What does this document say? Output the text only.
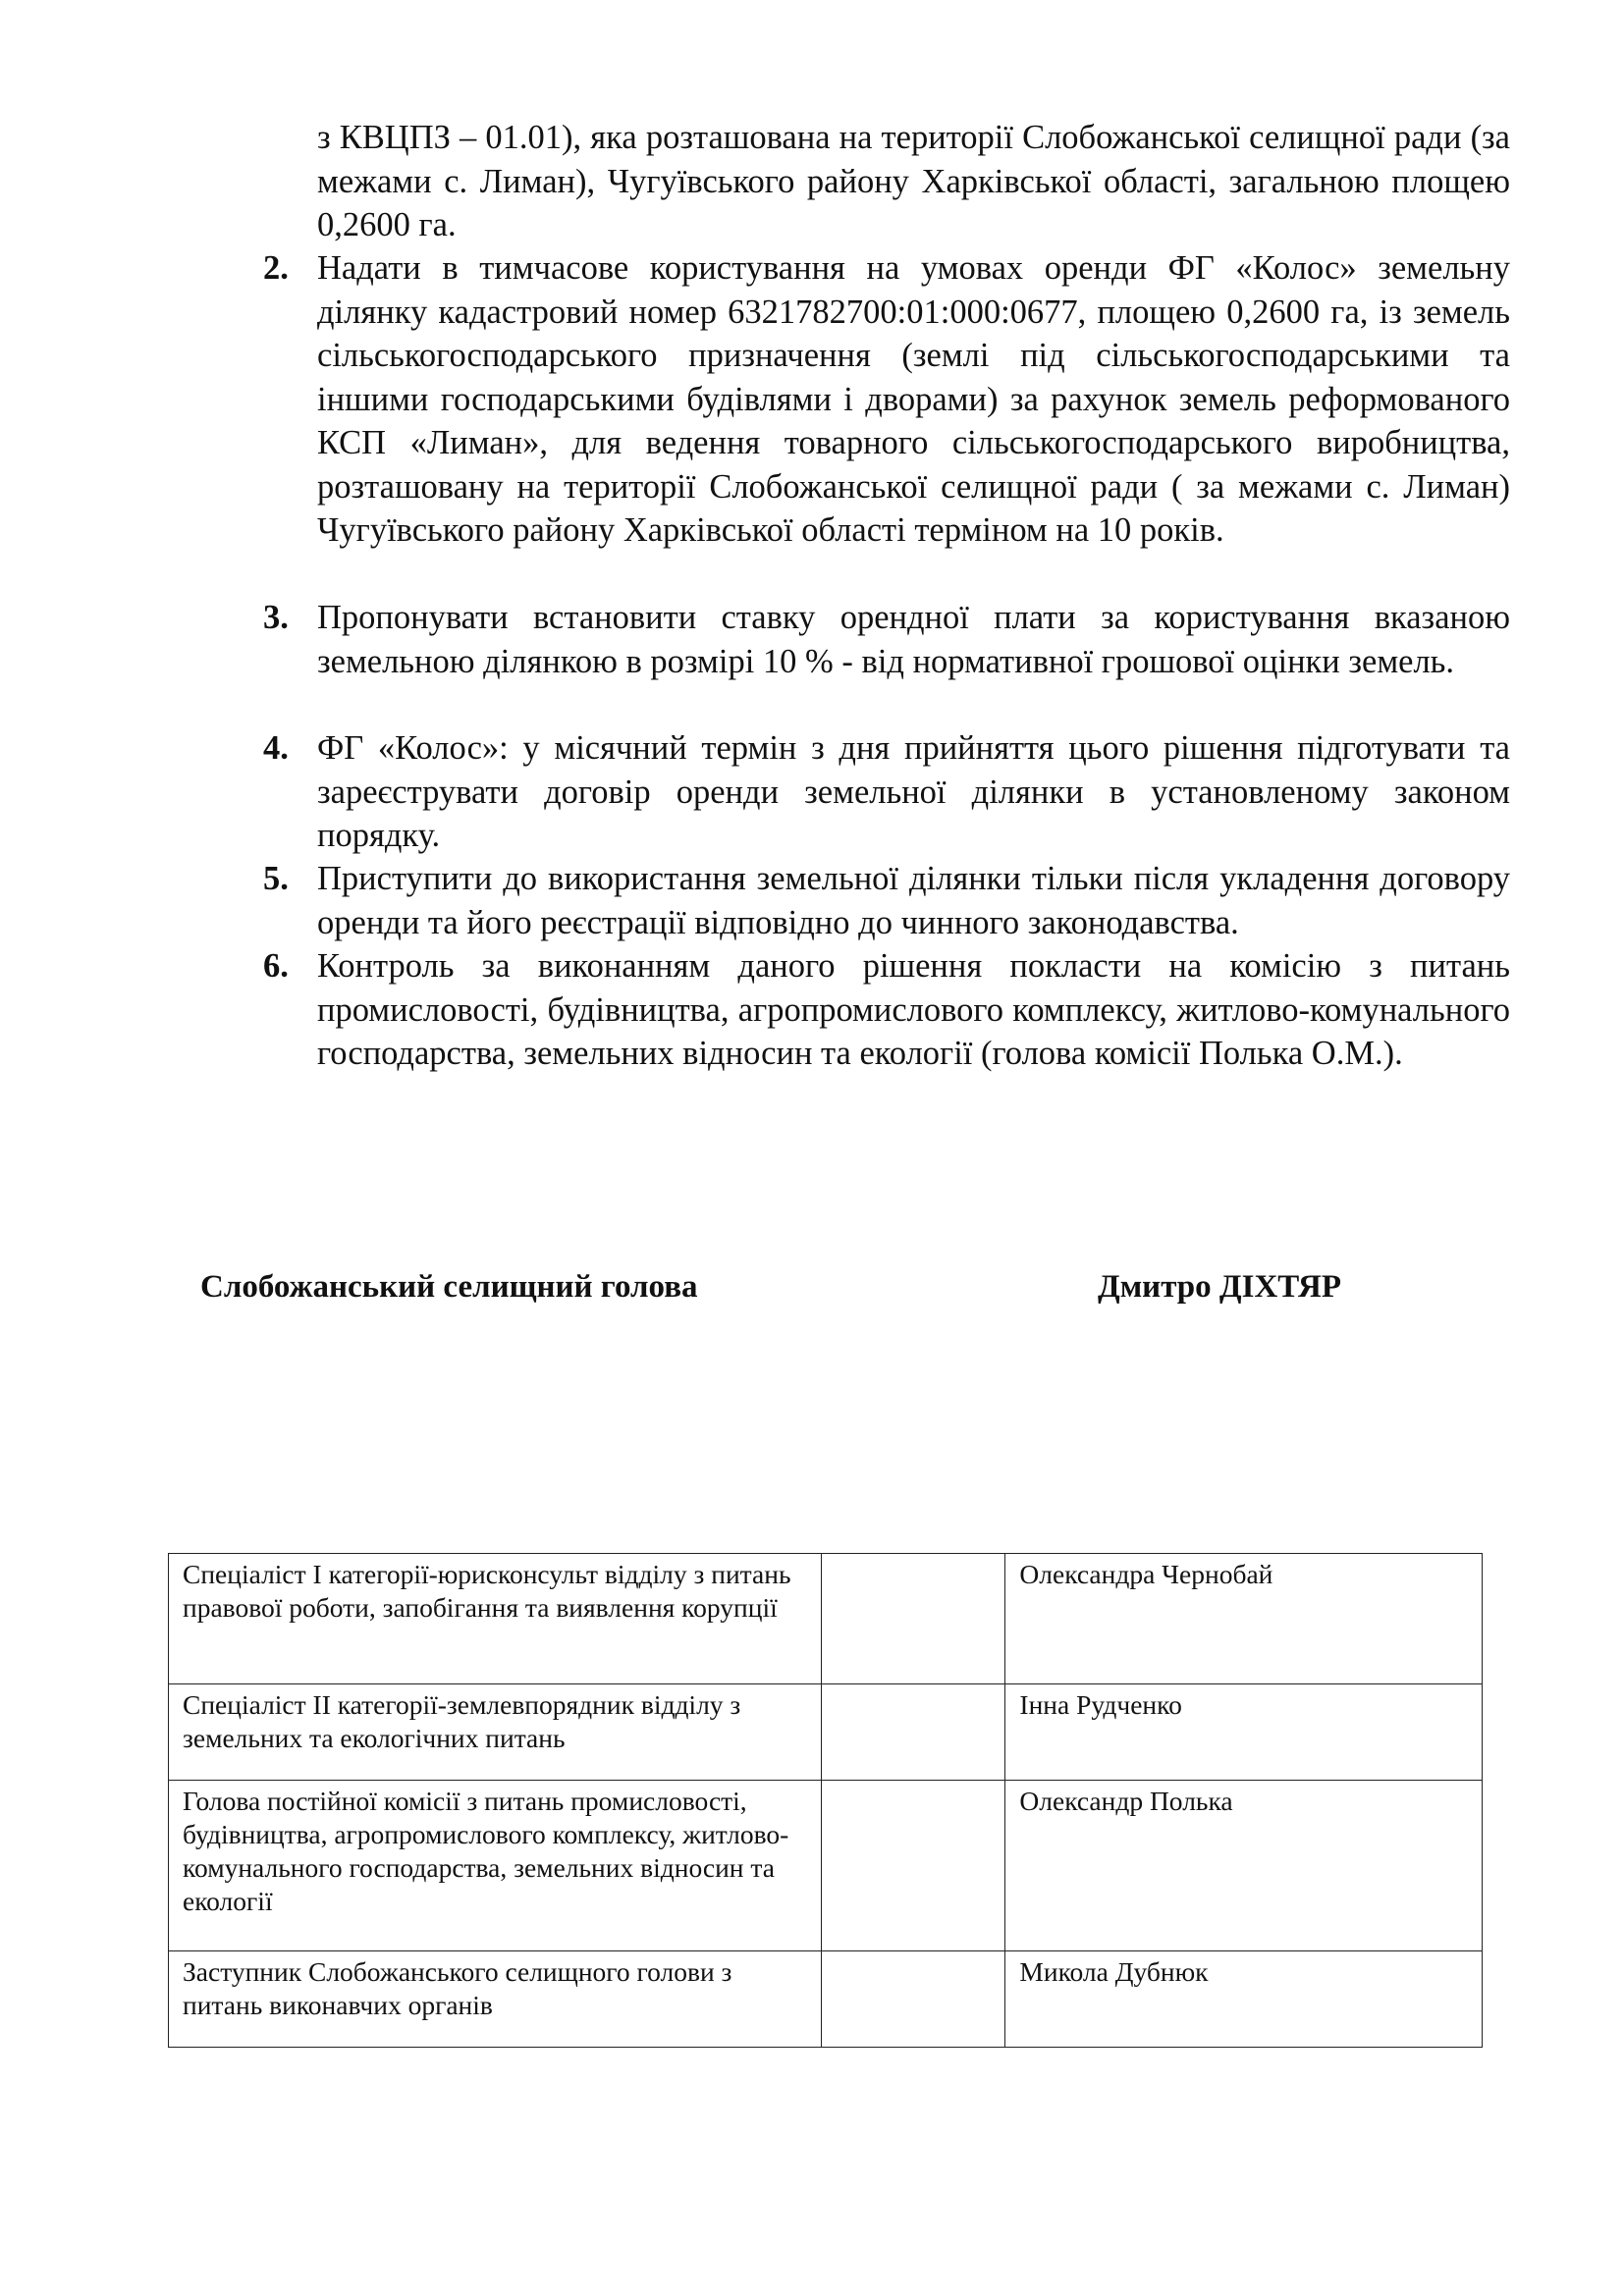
з КВЦПЗ – 01.01), яка розташована на території Слобожанської селищної ради (за межами с. Лиман), Чугуївського району Харківської області, загальною площею 0,2600 га.

2. Надати в тимчасове користування на умовах оренди ФГ «Колос» земельну ділянку кадастровий номер 6321782700:01:000:0677, площею 0,2600 га, із земель сільськогосподарського призначення (землі під сільськогосподарськими та іншими господарськими будівлями і дворами) за рахунок земель реформованого КСП «Лиман», для ведення товарного сільськогосподарського виробництва, розташовану на території Слобожанської селищної ради ( за межами с. Лиман) Чугуївського району Харківської області терміном на 10 років.
3. Пропонувати встановити ставку орендної плати за користування вказаною земельною ділянкою в розмірі 10 % - від нормативної грошової оцінки земель.
4. ФГ «Колос»: у місячний термін з дня прийняття цього рішення підготувати та зареєструвати договір оренди земельної ділянки в установленому законом порядку.
5. Приступити до використання земельної ділянки тільки після укладення договору оренди та його реєстрації відповідно до чинного законодавства.
6. Контроль за виконанням даного рішення покласти на комісію з питань промисловості, будівництва, агропромислового комплексу, житлово-комунального господарства, земельних відносин та екології (голова комісії Полька О.М.).
Слобожанський селищний голова	Дмитро ДІХТЯР
Спеціаліст І категорії-юрисконсульт відділу з питань правової роботи, запобігання та виявлення корупції		Олександра Чернобай
Спеціаліст ІІ категорії-землевпорядник відділу з земельних та екологічних питань		Інна Рудченко
Голова постійної комісії з питань промисловості, будівництва, агропромислового комплексу, житлово-комунального господарства, земельних відносин та екології		Олександр Полька
Заступник Слобожанського селищного голови з питань виконавчих органів		Микола Дубнюк
